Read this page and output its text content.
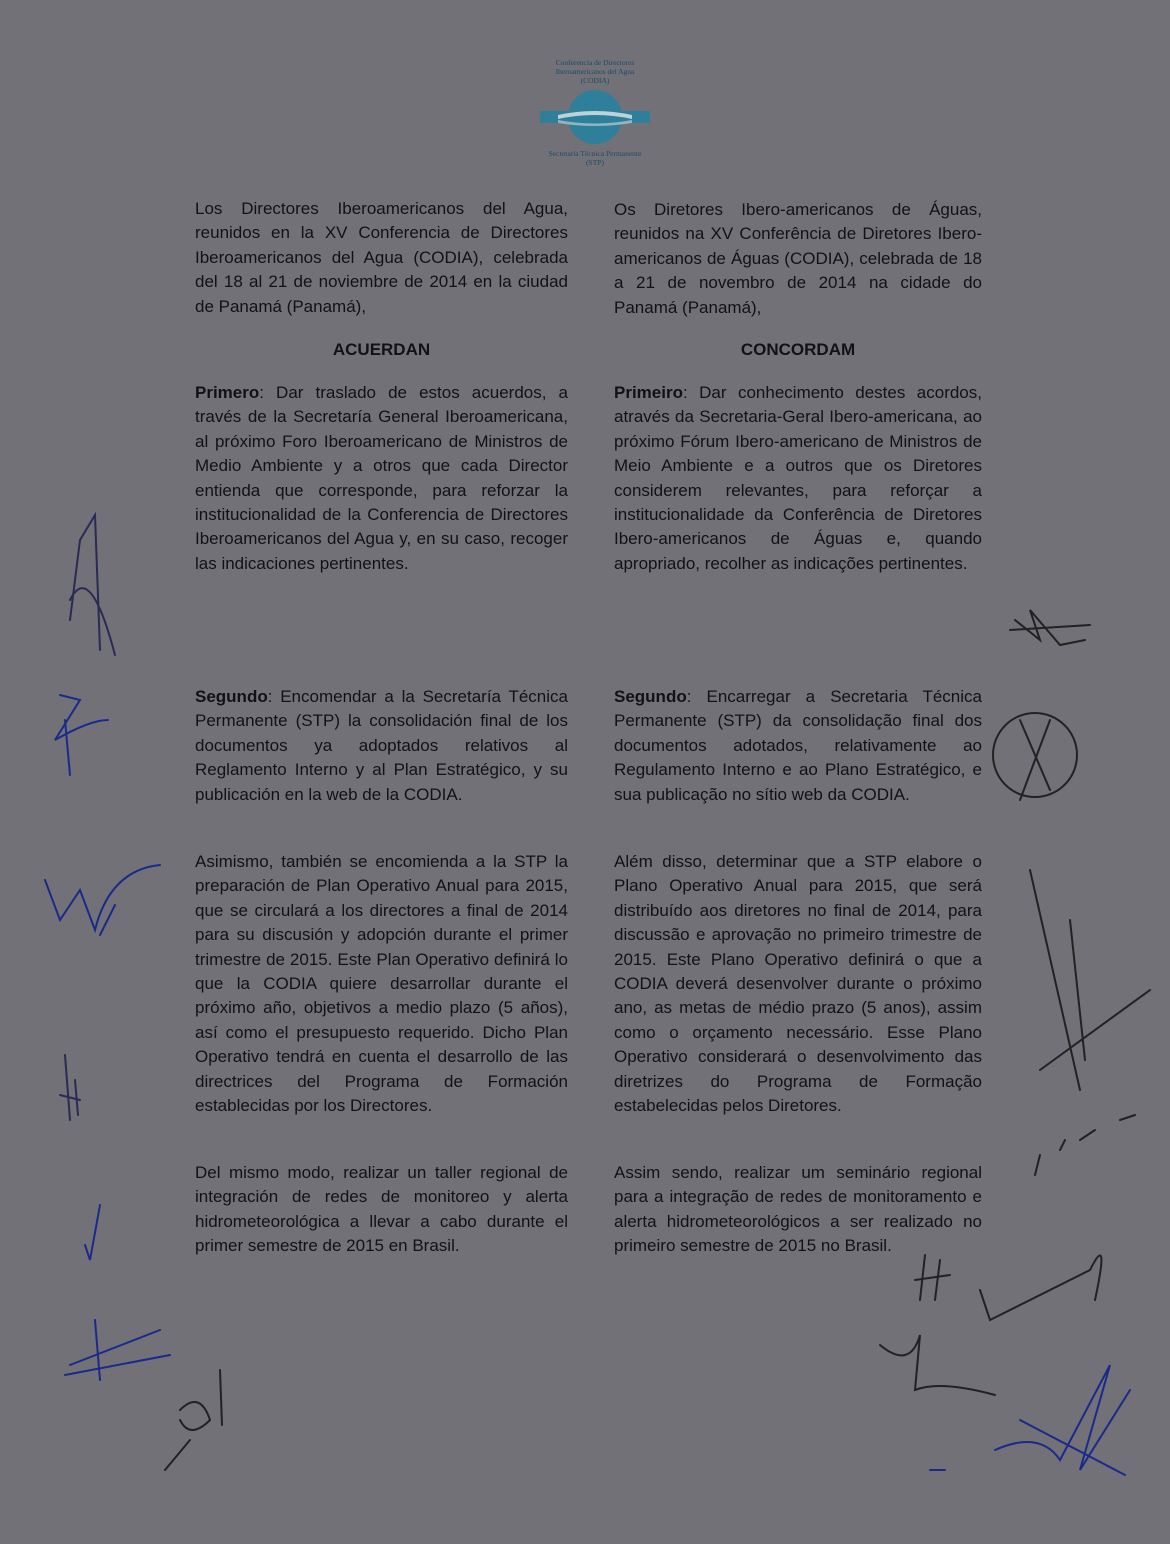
Conferencia de Directores
Iberoamericanos del Agua
(CODIA)
Secretaría Técnica Permanente
(STP)
Los Directores Iberoamericanos del Agua, reunidos en la XV Conferencia de Directores Iberoamericanos del Agua (CODIA), celebrada del 18 al 21 de noviembre de 2014 en la ciudad de Panamá (Panamá),
ACUERDAN
Primero: Dar traslado de estos acuerdos, a través de la Secretaría General Iberoamericana, al próximo Foro Iberoamericano de Ministros de Medio Ambiente y a otros que cada Director entienda que corresponde, para reforzar la institucionalidad de la Conferencia de Directores Iberoamericanos del Agua y, en su caso, recoger las indicaciones pertinentes.
Segundo: Encomendar a la Secretaría Técnica Permanente (STP) la consolidación final de los documentos ya adoptados relativos al Reglamento Interno y al Plan Estratégico, y su publicación en la web de la CODIA.
Asimismo, también se encomienda a la STP la preparación de Plan Operativo Anual para 2015, que se circulará a los directores a final de 2014 para su discusión y adopción durante el primer trimestre de 2015. Este Plan Operativo definirá lo que la CODIA quiere desarrollar durante el próximo año, objetivos a medio plazo (5 años), así como el presupuesto requerido. Dicho Plan Operativo tendrá en cuenta el desarrollo de las directrices del Programa de Formación establecidas por los Directores.
Del mismo modo, realizar un taller regional de integración de redes de monitoreo y alerta hidrometeorológica a llevar a cabo durante el primer semestre de 2015 en Brasil.
Os Diretores Ibero-americanos de Águas, reunidos na XV Conferência de Diretores Ibero-americanos de Águas (CODIA), celebrada de 18 a 21 de novembro de 2014 na cidade do Panamá (Panamá),
CONCORDAM
Primeiro: Dar conhecimento destes acordos, através da Secretaria-Geral Ibero-americana, ao próximo Fórum Ibero-americano de Ministros de Meio Ambiente e a outros que os Diretores considerem relevantes, para reforçar a institucionalidade da Conferência de Diretores Ibero-americanos de Águas e, quando apropriado, recolher as indicações pertinentes.
Segundo: Encarregar a Secretaria Técnica Permanente (STP) da consolidação final dos documentos adotados, relativamente ao Regulamento Interno e ao Plano Estratégico, e sua publicação no sítio web da CODIA.
Além disso, determinar que a STP elabore o Plano Operativo Anual para 2015, que será distribuído aos diretores no final de 2014, para discussão e aprovação no primeiro trimestre de 2015. Este Plano Operativo definirá o que a CODIA deverá desenvolver durante o próximo ano, as metas de médio prazo (5 anos), assim como o orçamento necessário. Esse Plano Operativo considerará o desenvolvimento das diretrizes do Programa de Formação estabelecidas pelos Diretores.
Assim sendo, realizar um seminário regional para a integração de redes de monitoramento e alerta hidrometeorológicos a ser realizado no primeiro semestre de 2015 no Brasil.
